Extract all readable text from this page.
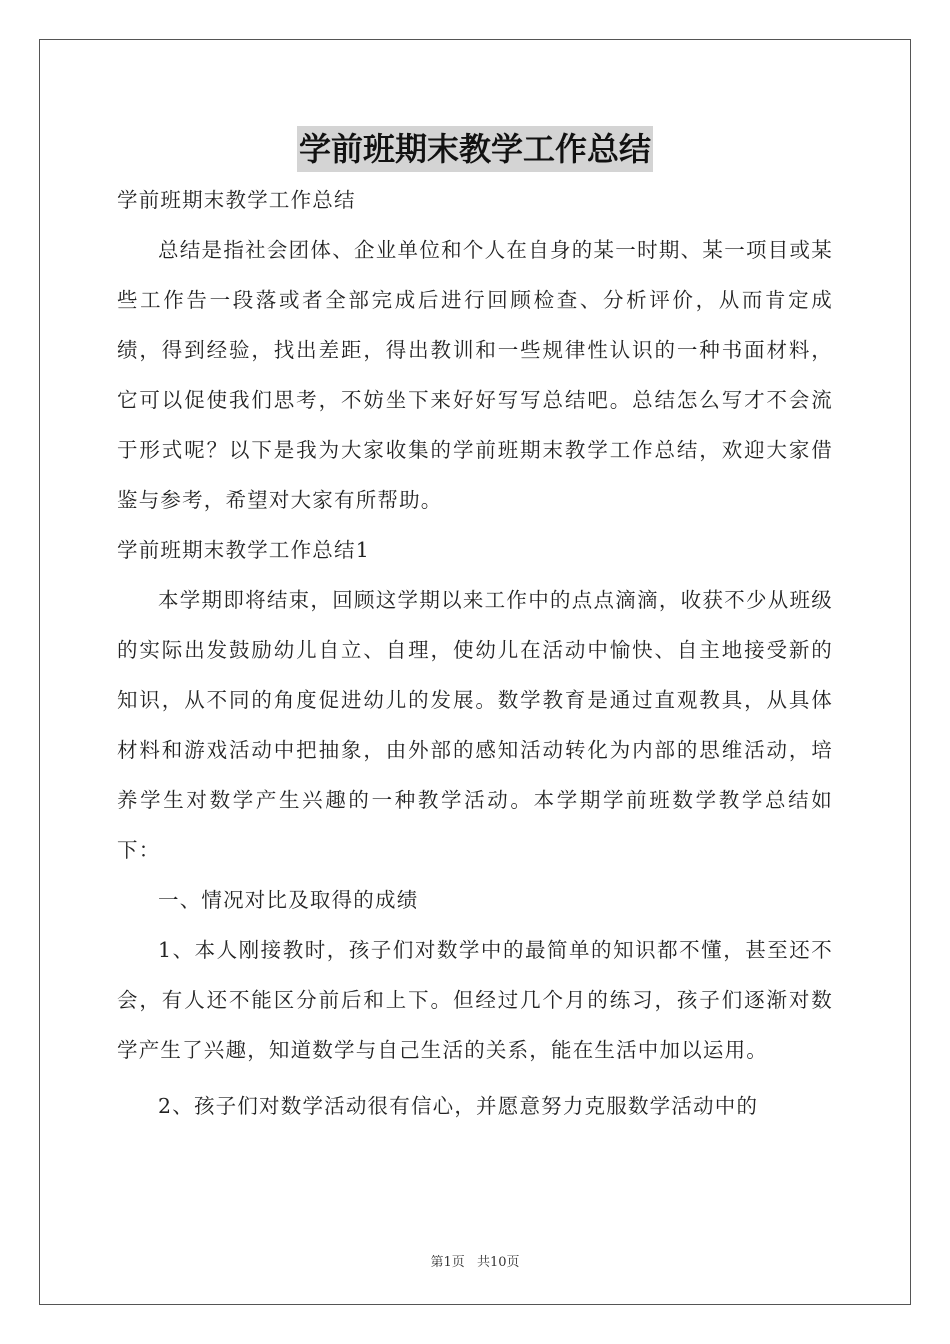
学前班期末教学工作总结

学前班期末教学工作总结

总结是指社会团体、企业单位和个人在自身的某一时期、某一项目或某些工作告一段落或者全部完成后进行回顾检查、分析评价，从而肯定成绩，得到经验，找出差距，得出教训和一些规律性认识的一种书面材料，它可以促使我们思考，不妨坐下来好好写写总结吧。总结怎么写才不会流于形式呢？以下是我为大家收集的学前班期末教学工作总结，欢迎大家借鉴与参考，希望对大家有所帮助。

学前班期末教学工作总结1

本学期即将结束，回顾这学期以来工作中的点点滴滴，收获不少从班级的实际出发鼓励幼儿自立、自理，使幼儿在活动中愉快、自主地接受新的知识，从不同的角度促进幼儿的发展。数学教育是通过直观教具，从具体材料和游戏活动中把抽象，由外部的感知活动转化为内部的思维活动，培养学生对数学产生兴趣的一种教学活动。本学期学前班数学教学总结如下：

一、情况对比及取得的成绩

1、本人刚接教时，孩子们对数学中的最简单的知识都不懂，甚至还不会，有人还不能区分前后和上下。但经过几个月的练习，孩子们逐渐对数学产生了兴趣，知道数学与自己生活的关系，能在生活中加以运用。

2、孩子们对数学活动很有信心，并愿意努力克服数学活动中的

第1页 共10页
